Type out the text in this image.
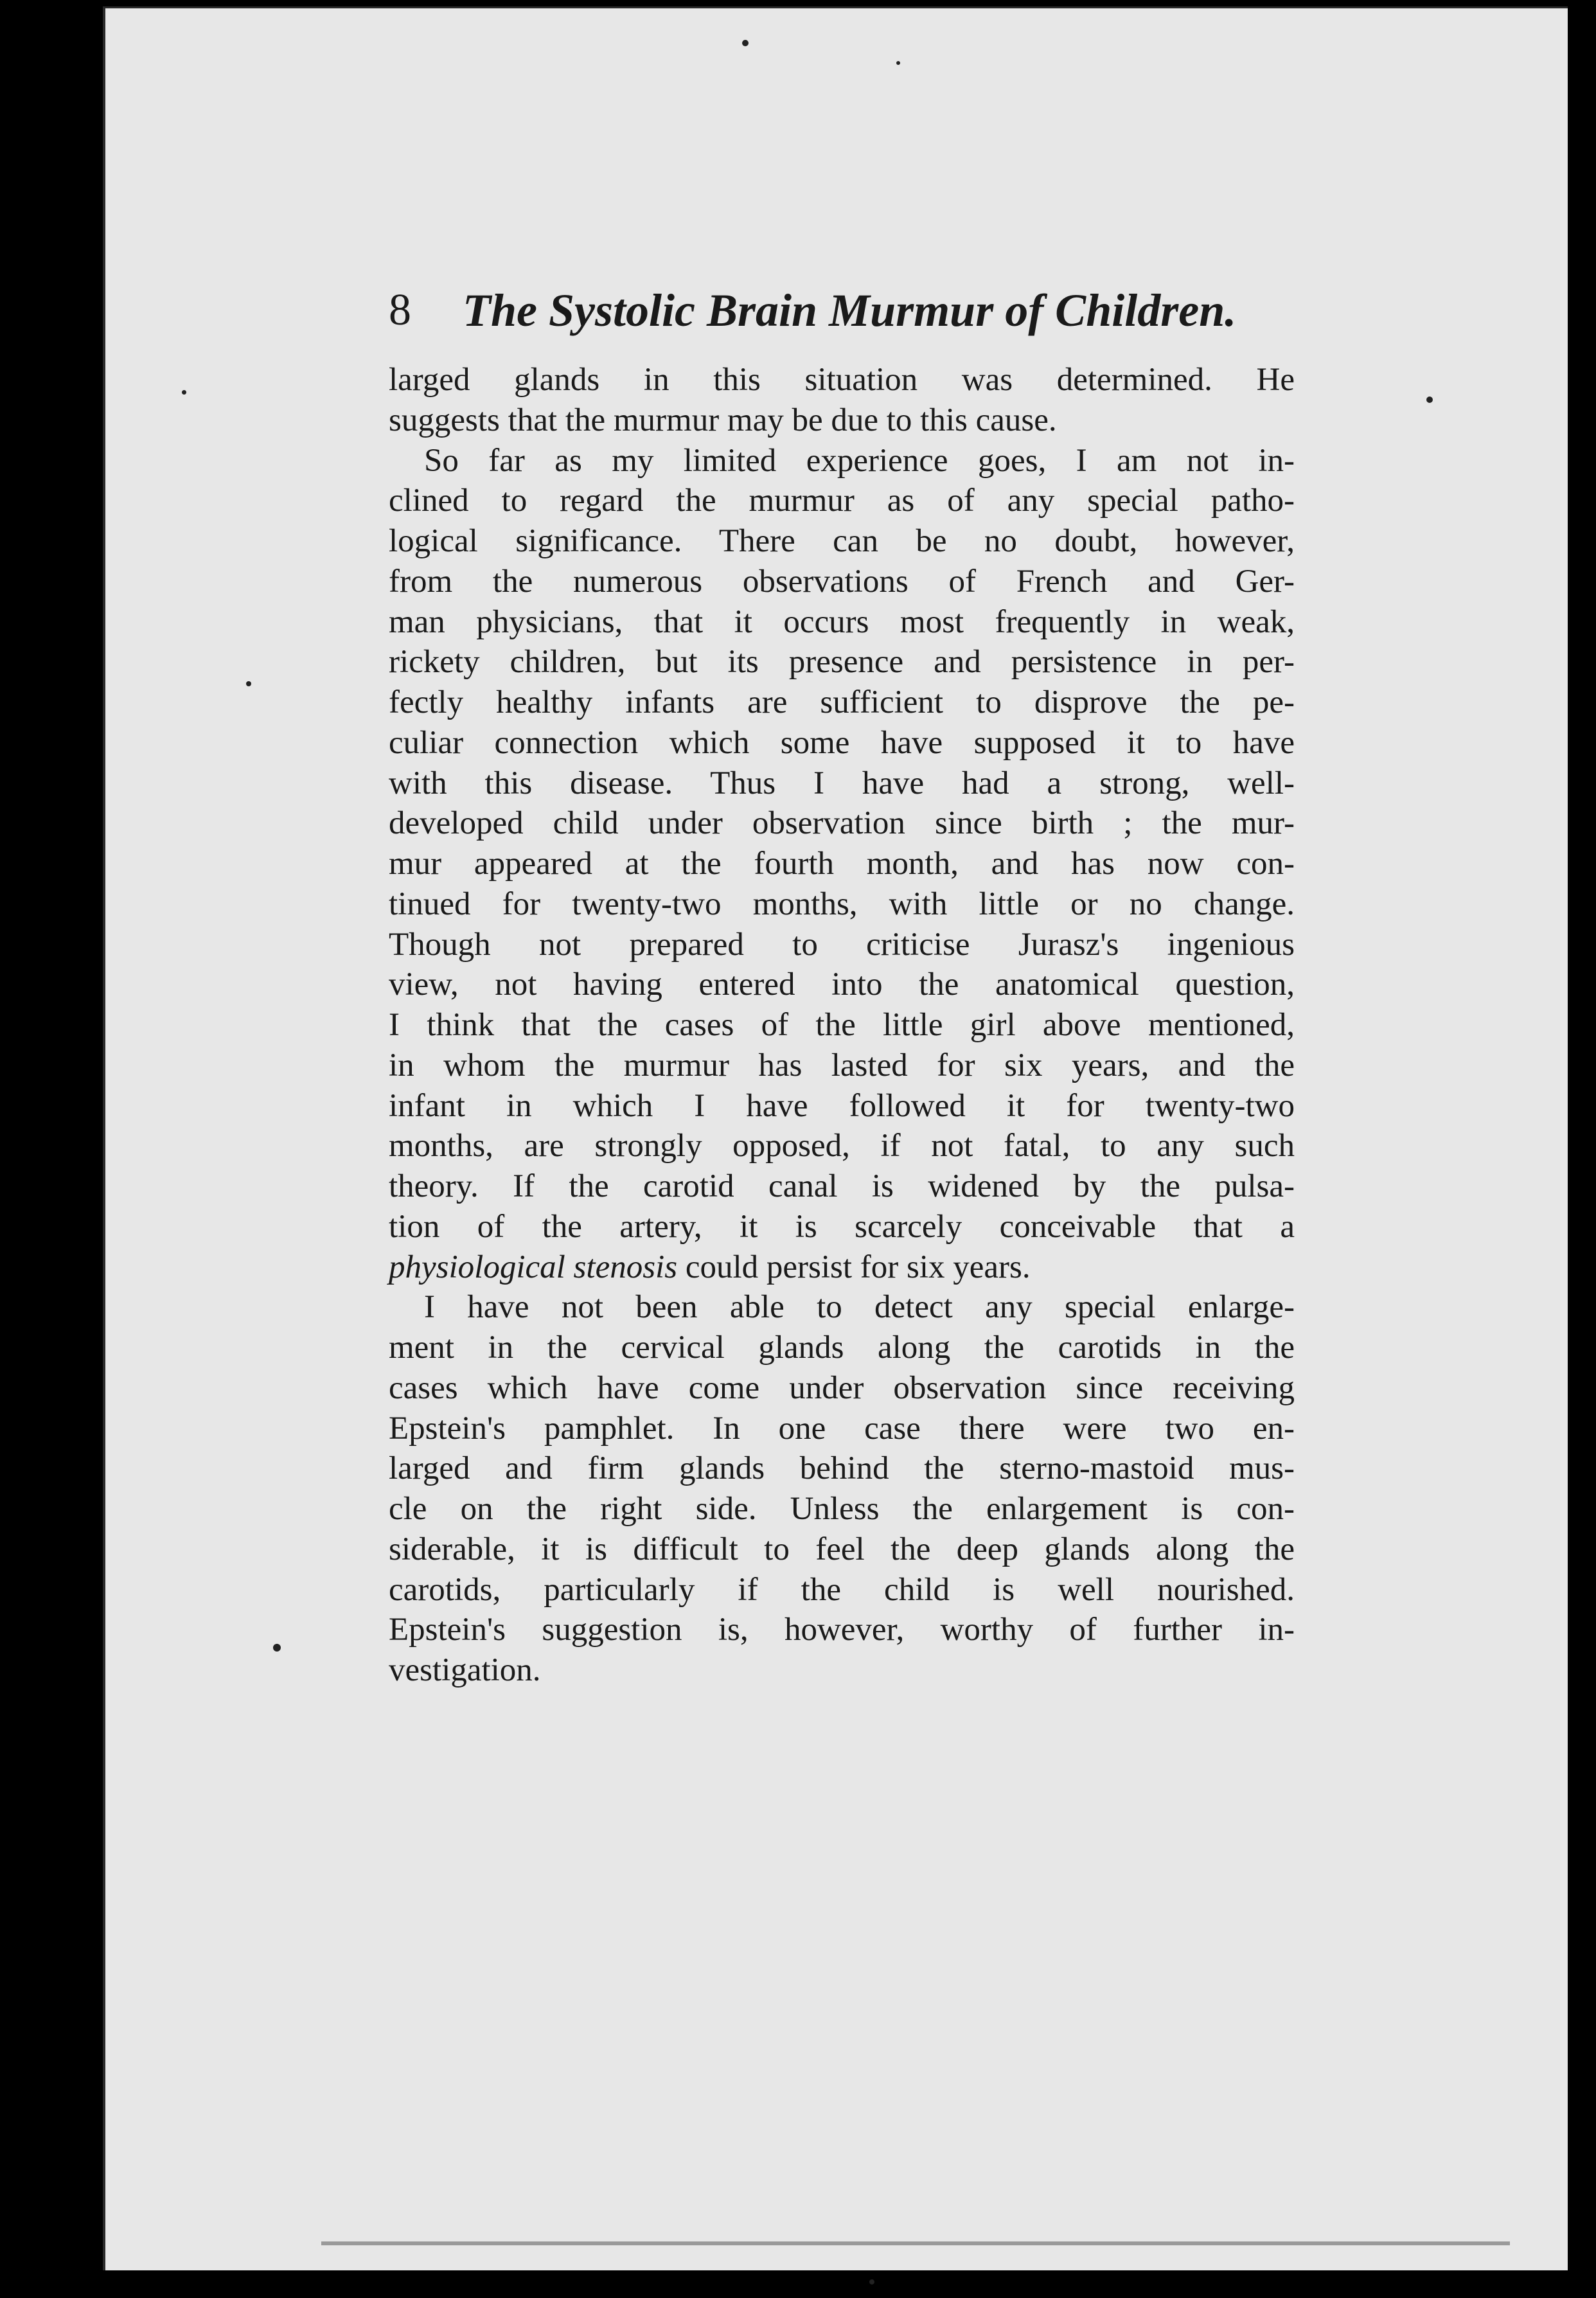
8 The Systolic Brain Murmur of Children.
larged glands in this situation was determined. He
suggests that the murmur may be due to this cause.
So far as my limited experience goes, I am not in-
clined to regard the murmur as of any special patho-
logical significance. There can be no doubt, however,
from the numerous observations of French and Ger-
man physicians, that it occurs most frequently in weak,
rickety children, but its presence and persistence in per-
fectly healthy infants are sufficient to disprove the pe-
culiar connection which some have supposed it to have
with this disease. Thus I have had a strong, well-
developed child under observation since birth ; the mur-
mur appeared at the fourth month, and has now con-
tinued for twenty-two months, with little or no change.
Though not prepared to criticise Jurasz's ingenious
view, not having entered into the anatomical question,
I think that the cases of the little girl above mentioned,
in whom the murmur has lasted for six years, and the
infant in which I have followed it for twenty-two
months, are strongly opposed, if not fatal, to any such
theory. If the carotid canal is widened by the pulsa-
tion of the artery, it is scarcely conceivable that a
physiological stenosis could persist for six years.
I have not been able to detect any special enlarge-
ment in the cervical glands along the carotids in the
cases which have come under observation since receiving
Epstein's pamphlet. In one case there were two en-
larged and firm glands behind the sterno-mastoid mus-
cle on the right side. Unless the enlargement is con-
siderable, it is difficult to feel the deep glands along the
carotids, particularly if the child is well nourished.
Epstein's suggestion is, however, worthy of further in-
vestigation.
